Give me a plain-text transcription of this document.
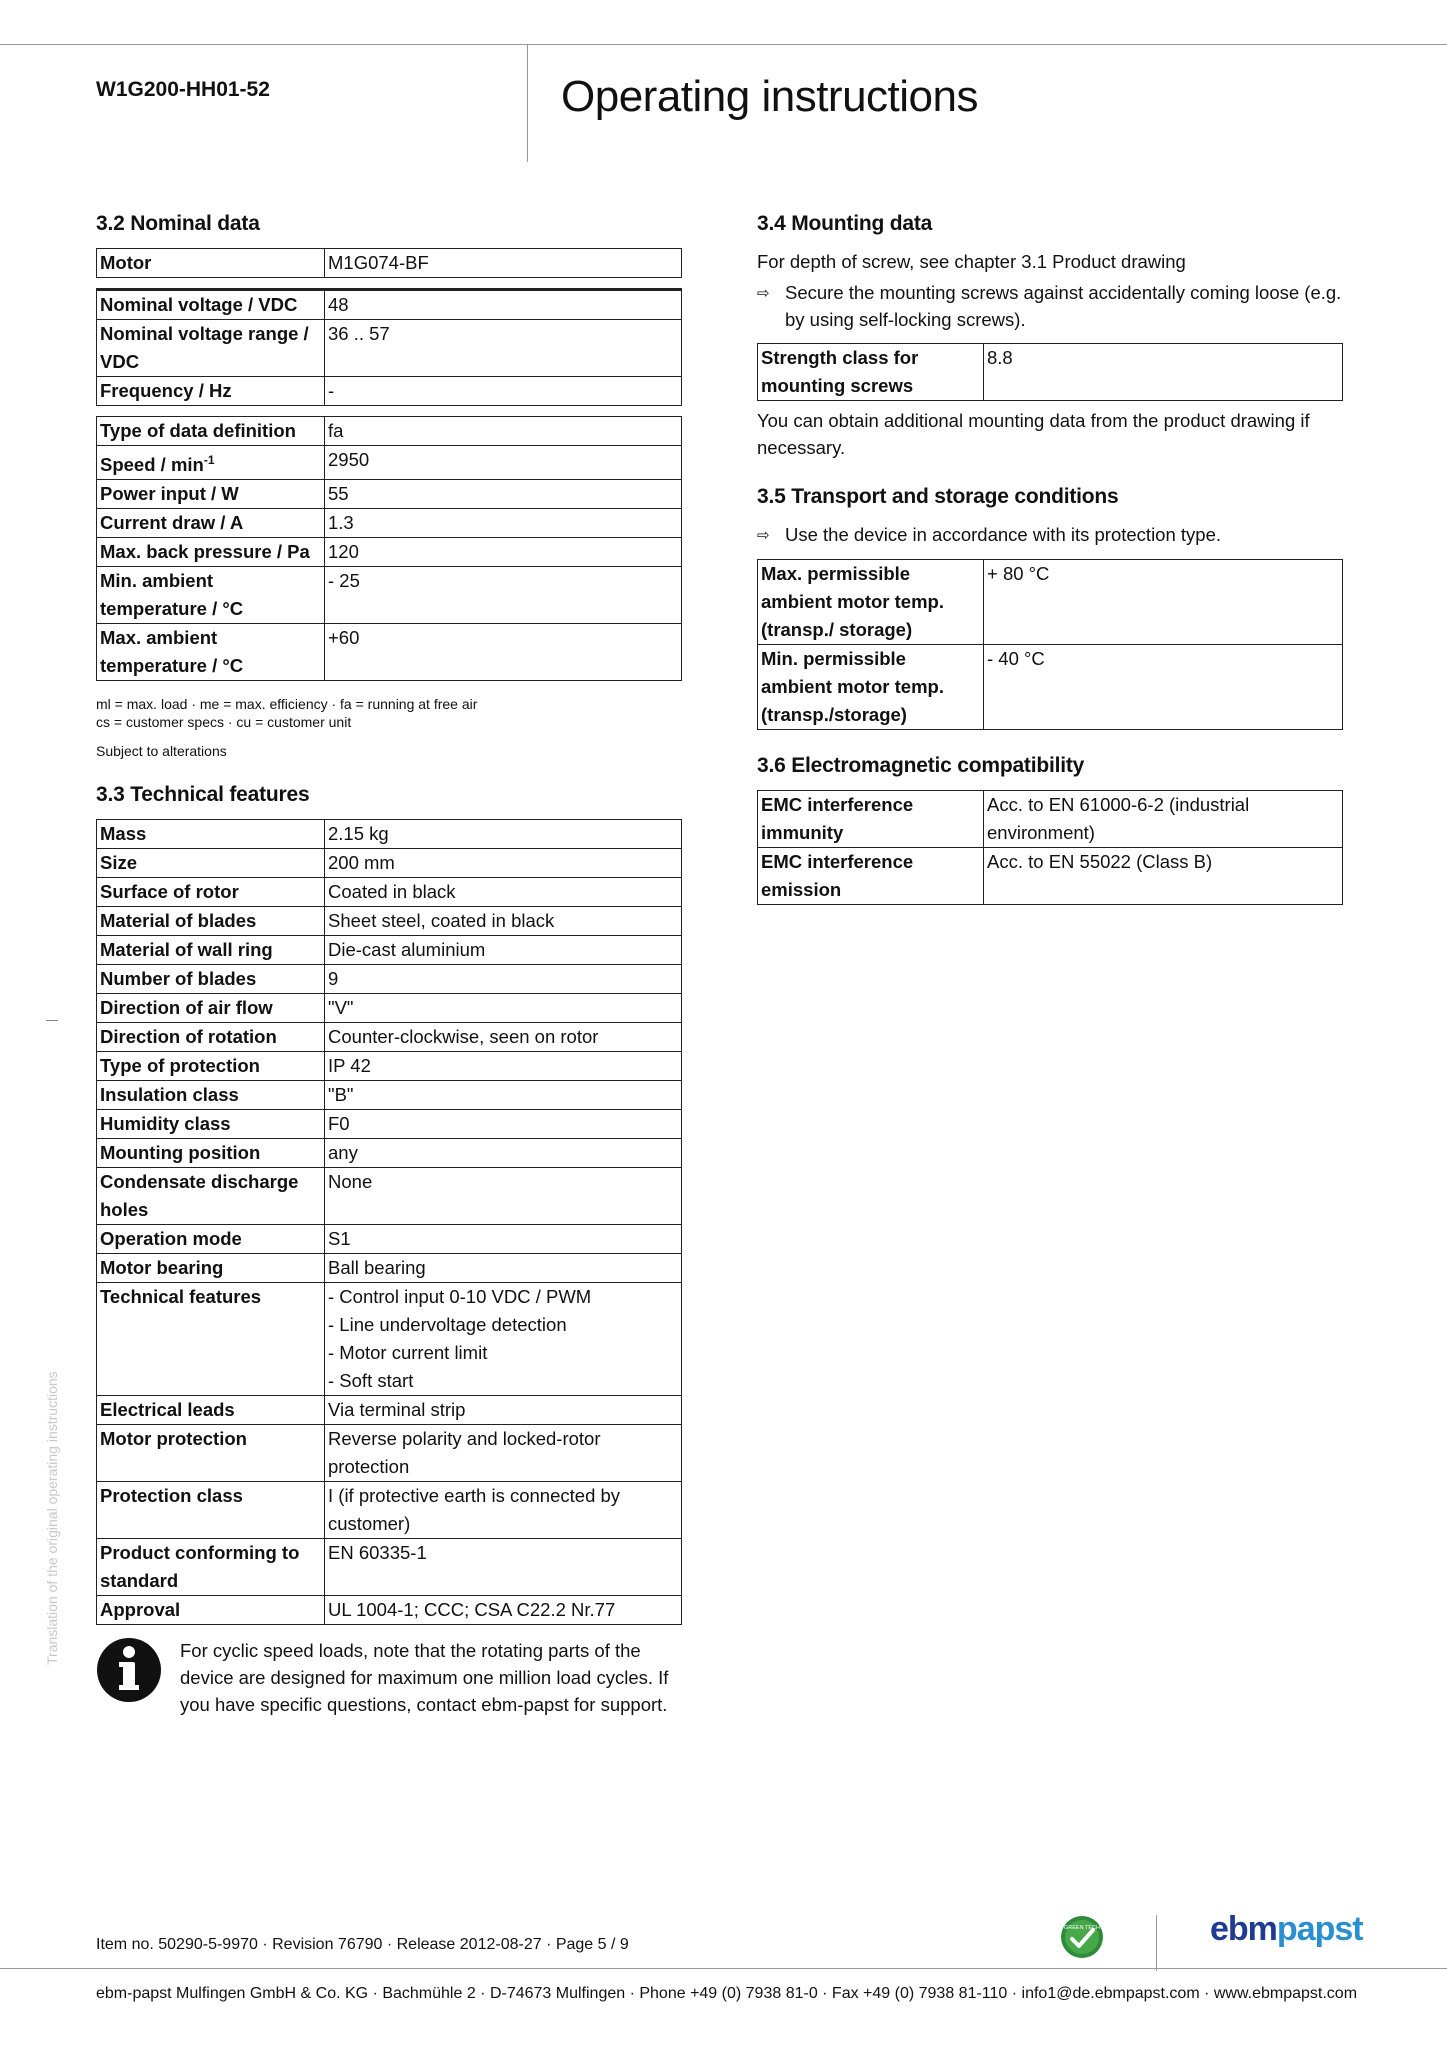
W1G200-HH01-52	Operating instructions
Translation of the original operating instructions
3.2 Nominal data
Motor	M1G074-BF
Nominal voltage / VDC	48
Nominal voltage range / VDC	36 .. 57
Frequency / Hz	-
Type of data definition	fa
Speed / $\min^{-1}$	2950
Power input / W	55
Current draw / A	1.3
Max. back pressure / Pa	120
Min. ambient temperature / °C	- 25
Max. ambient temperature / °C	+60
ml = max. load · me = max. efficiency · fa = running at free air
cs = customer specs · cu = customer unit
Subject to alterations
3.3 Technical features
Mass	2.15 kg
Size	200 mm
Surface of rotor	Coated in black
Material of blades	Sheet steel, coated in black
Material of wall ring	Die-cast aluminium
Number of blades	9
Direction of air flow	"V"
Direction of rotation	Counter-clockwise, seen on rotor
Type of protection	IP 42
Insulation class	"B"
Humidity class	F0
Mounting position	any
Condensate discharge holes	None
Operation mode	S1
Motor bearing	Ball bearing
Technical features	- Control input 0-10 VDC / PWM
- Line undervoltage detection
- Motor current limit
- Soft start
Electrical leads	Via terminal strip
Motor protection	Reverse polarity and locked-rotor protection
Protection class	I (if protective earth is connected by customer)
Product conforming to standard	EN 60335-1
Approval	UL 1004-1; CCC; CSA C22.2 Nr.77
For cyclic speed loads, note that the rotating parts of the device are designed for maximum one million load cycles. If you have specific questions, contact ebm-papst for support.
3.4 Mounting data

For depth of screw, see chapter 3.1 Product drawing

⇨ Secure the mounting screws against accidentally coming loose (e.g. by using self-locking screws).
Strength class for mounting screws	8.8

You can obtain additional mounting data from the product drawing if necessary.

3.5 Transport and storage conditions
⇨ Use the device in accordance with its protection type.
Max. permissible ambient motor temp. (transp./ storage)	+ 80 °C
Min. permissible ambient motor temp. (transp./storage)	- 40 °C
3.6 Electromagnetic compatibility
EMC interference immunity	Acc. to EN 61000-6-2 (industrial environment)
EMC interference emission	Acc. to EN 55022 (Class B)
Item no. 50290-5-9970 · Revision 76790 · Release 2012-08-27 · Page 5 / 9
GREEN TECH	ebmpapst
ebm-papst Mulfingen GmbH & Co. KG · Bachmühle 2 · D-74673 Mulfingen · Phone +49 (0) 7938 81-0 · Fax +49 (0) 7938 81-110 · info1@de.ebmpapst.com · www.ebmpapst.com
